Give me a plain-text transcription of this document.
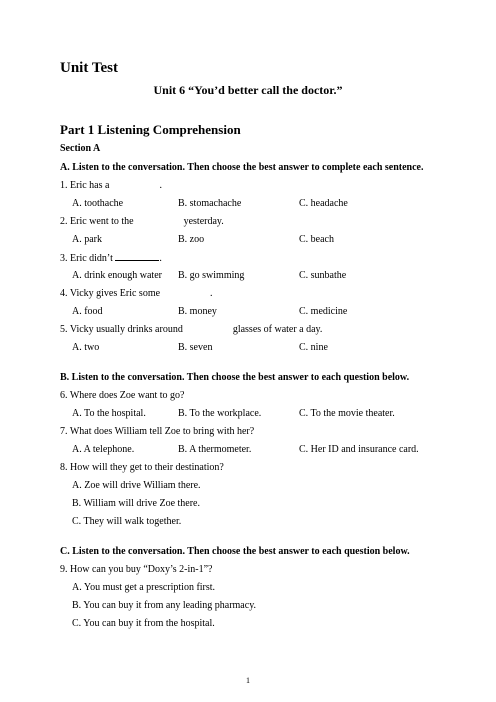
Unit Test
Unit 6 “You’d better call the doctor.”
Part 1 Listening Comprehension
Section A
A. Listen to the conversation. Then choose the best answer to complete each sentence.
1. Eric has a	.
A. toothache	B. stomachache	C. headache
2. Eric went to the	yesterday.
A. park	B. zoo	C. beach
3. Eric didn’t	.
A. drink enough water B. go swimming	C. sunbathe
4. Vicky gives Eric some	.
A. food	B. money	C. medicine
5. Vicky usually drinks around	glasses of water a day.
A. two	B. seven	C. nine
B. Listen to the conversation. Then choose the best answer to each question below.
6. Where does Zoe want to go?
A. To the hospital.	B. To the workplace.	C. To the movie theater.
7. What does William tell Zoe to bring with her?
A. A telephone.	B. A thermometer.	C. Her ID and insurance card.
8. How will they get to their destination?
A. Zoe will drive William there.
B. William will drive Zoe there.
C. They will walk together.
C. Listen to the conversation. Then choose the best answer to each question below.
9. How can you buy “Doxy’s 2-in-1”?
A. You must get a prescription first.
B. You can buy it from any leading pharmacy.
C. You can buy it from the hospital.
1
